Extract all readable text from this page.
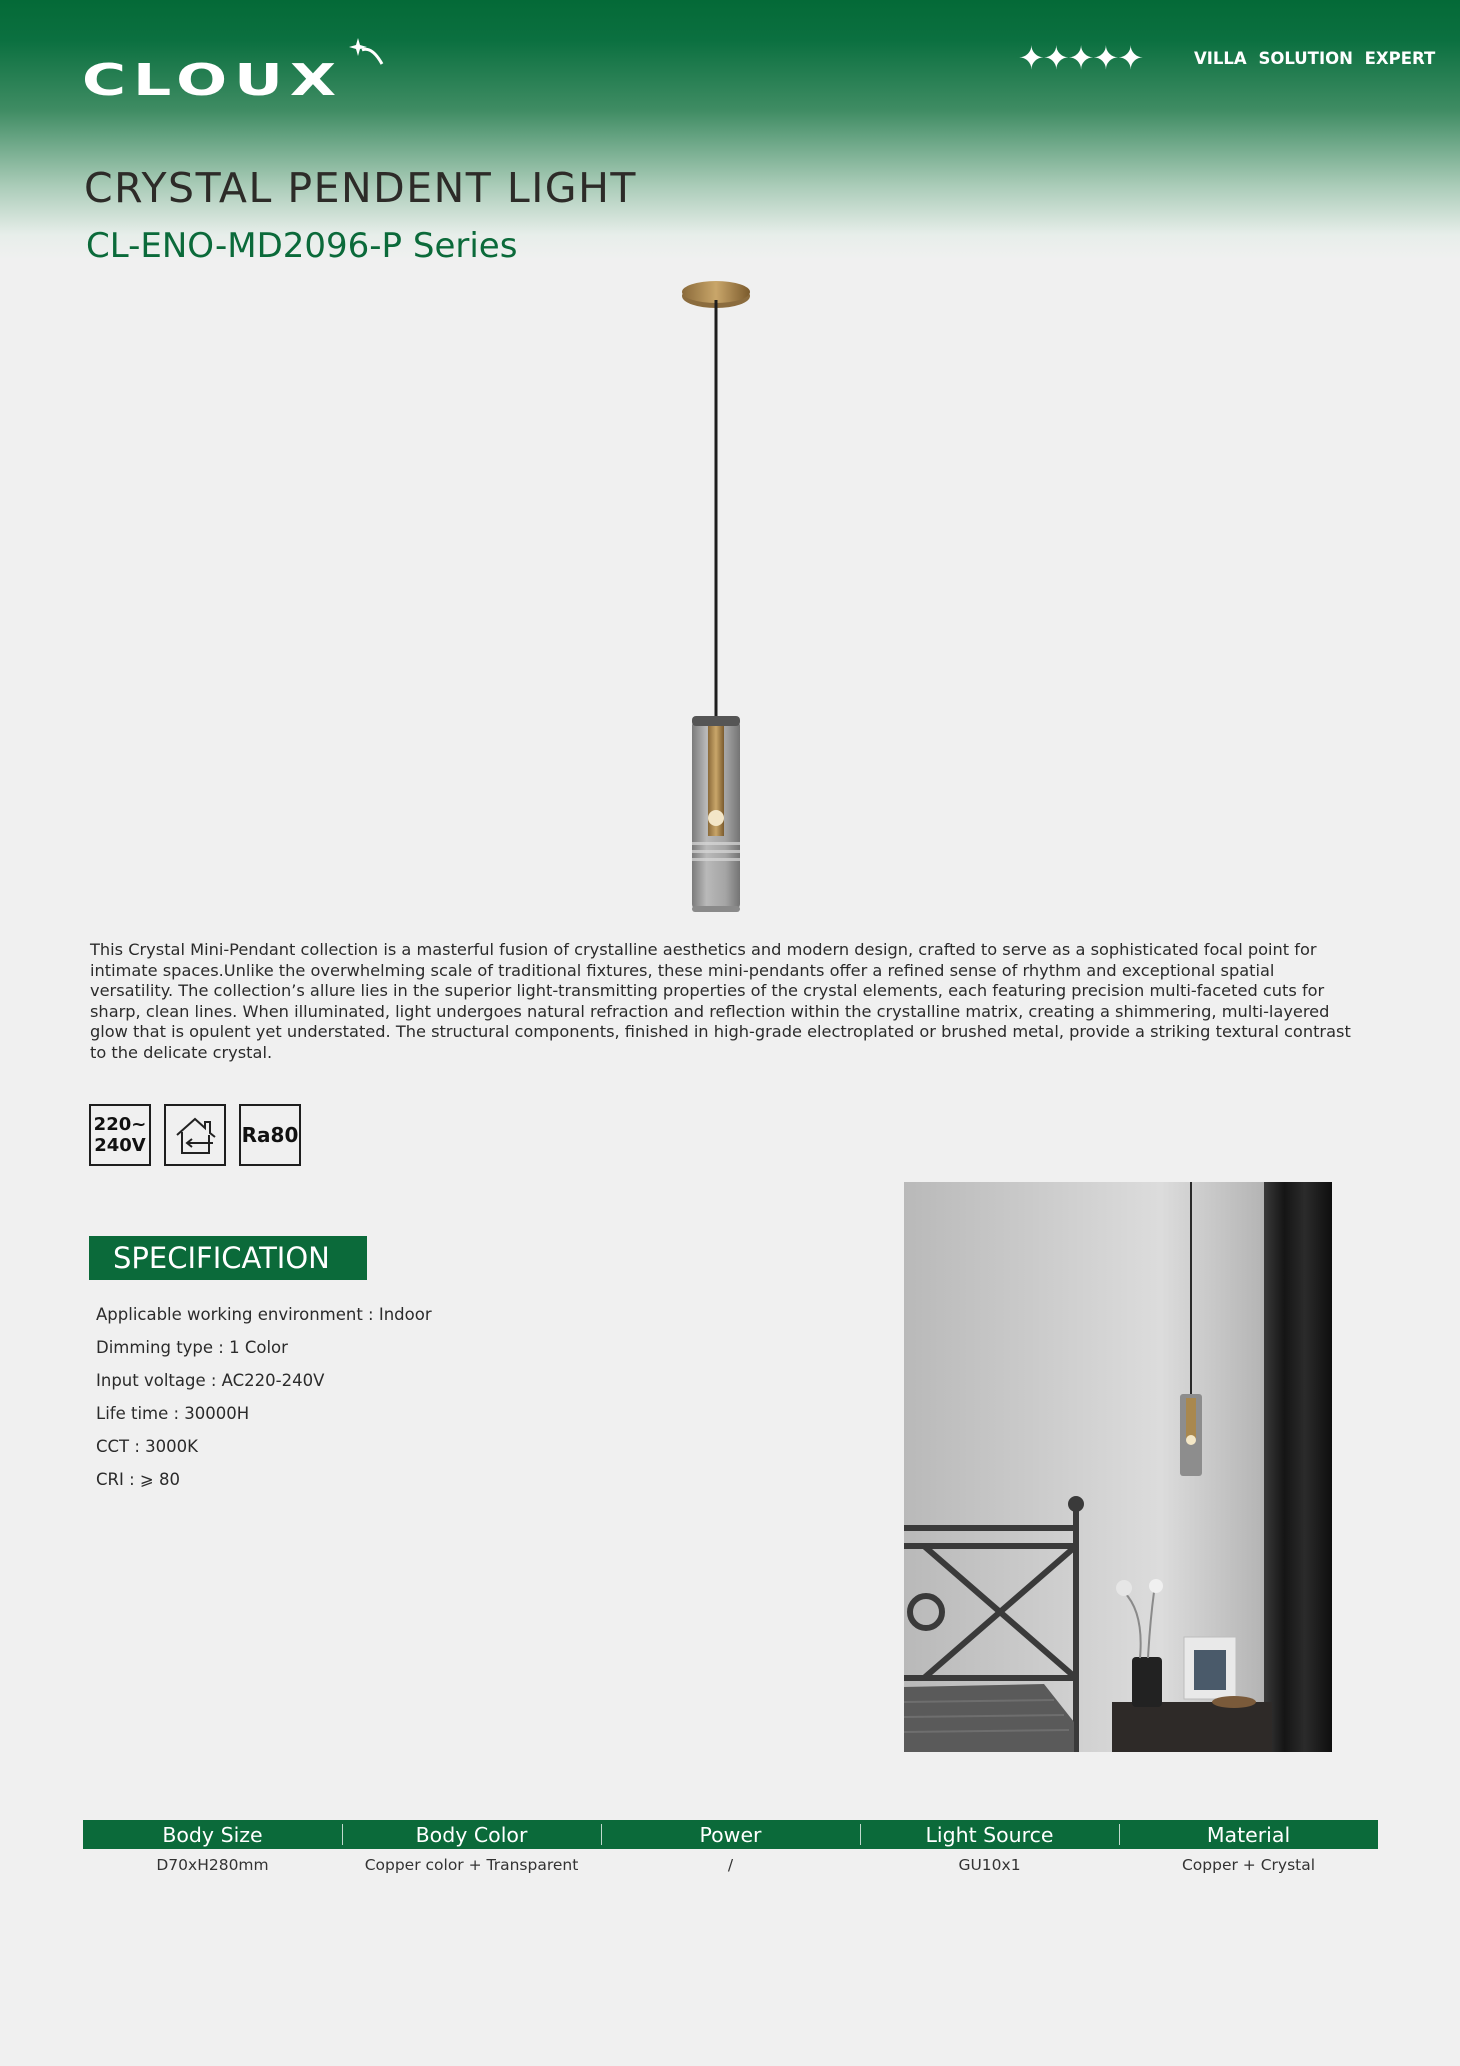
CLOUX	✦✦✦✦✦	VILLA SOLUTION EXPERT
CRYSTAL PENDENT LIGHT
CL-ENO-MD2096-P Series

This Crystal Mini-Pendant collection is a masterful fusion of crystalline aesthetics and modern design, crafted to serve as a sophisticated focal point for intimate spaces.Unlike the overwhelming scale of traditional fixtures, these mini-pendants offer a refined sense of rhythm and exceptional spatial versatility. The collection’s allure lies in the superior light-transmitting properties of the crystal elements, each featuring precision multi-faceted cuts for sharp, clean lines. When illuminated, light undergoes natural refraction and reflection within the crystalline matrix, creating a shimmering, multi-layered glow that is opulent yet understated. The structural components, finished in high-grade electroplated or brushed metal, provide a striking textural contrast to the delicate crystal.

220~
240V	Ra80
SPECIFICATION
Applicable working environment : Indoor
Dimming type : 1 Color
Input voltage : AC220-240V
Life time : 30000H
CCT : 3000K
CRI : ⩾ 80
Body Size	Body Color	Power	Light Source	Material
D70xH280mm	Copper color + Transparent	/	GU10x1	Copper + Crystal
